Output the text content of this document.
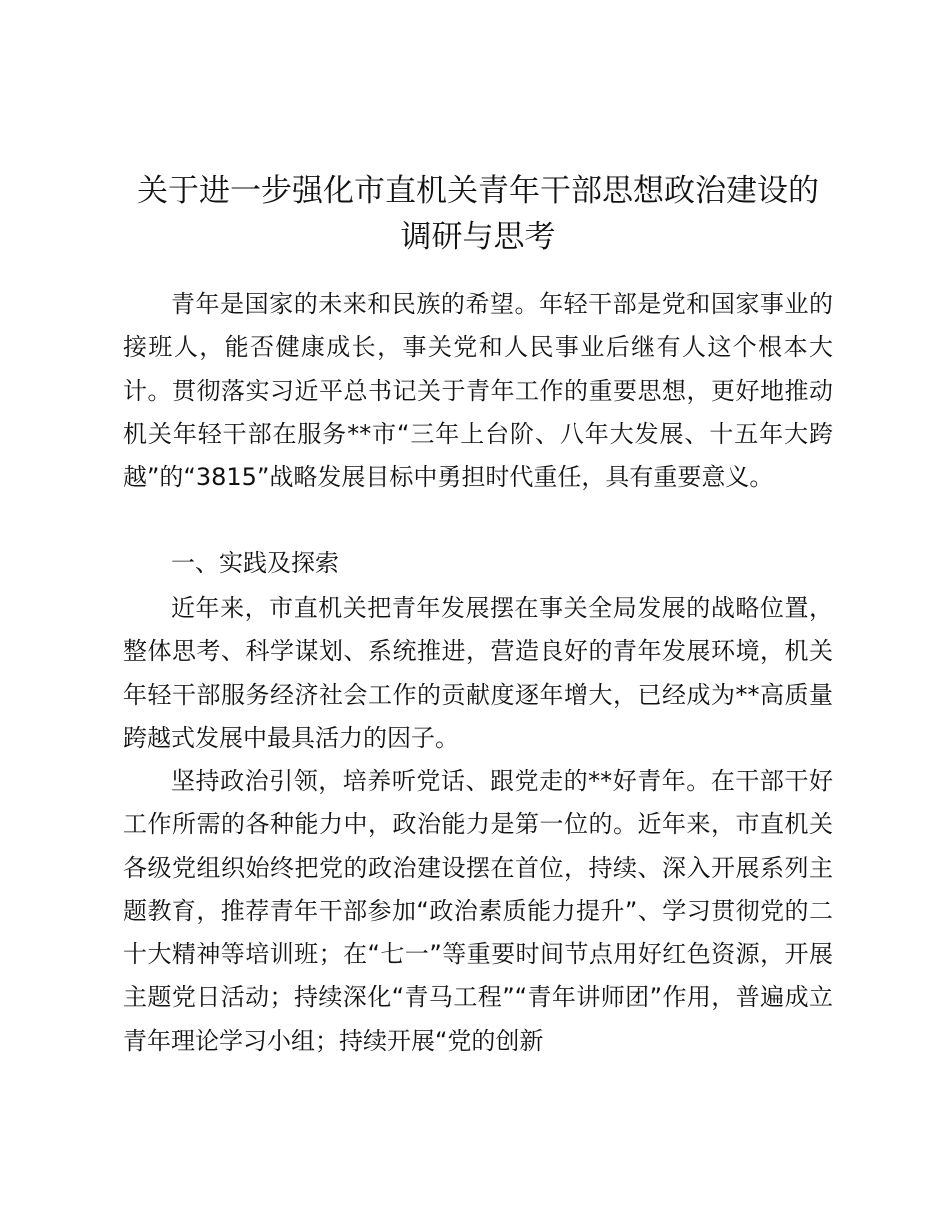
关于进一步强化市直机关青年干部思想政治建设的调研与思考

青年是国家的未来和民族的希望。年轻干部是党和国家事业的接班人，能否健康成长，事关党和人民事业后继有人这个根本大计。贯彻落实习近平总书记关于青年工作的重要思想，更好地推动机关年轻干部在服务**市“三年上台阶、八年大发展、十五年大跨越”的“3815”战略发展目标中勇担时代重任，具有重要意义。

一、实践及探索

近年来，市直机关把青年发展摆在事关全局发展的战略位置，整体思考、科学谋划、系统推进，营造良好的青年发展环境，机关年轻干部服务经济社会工作的贡献度逐年增大，已经成为**高质量跨越式发展中最具活力的因子。

坚持政治引领，培养听党话、跟党走的**好青年。在干部干好工作所需的各种能力中，政治能力是第一位的。近年来，市直机关各级党组织始终把党的政治建设摆在首位，持续、深入开展系列主题教育，推荐青年干部参加“政治素质能力提升”、学习贯彻党的二十大精神等培训班；在“七一”等重要时间节点用好红色资源，开展主题党日活动；持续深化“青马工程”“青年讲师团”作用，普遍成立青年理论学习小组；持续开展“党的创新
